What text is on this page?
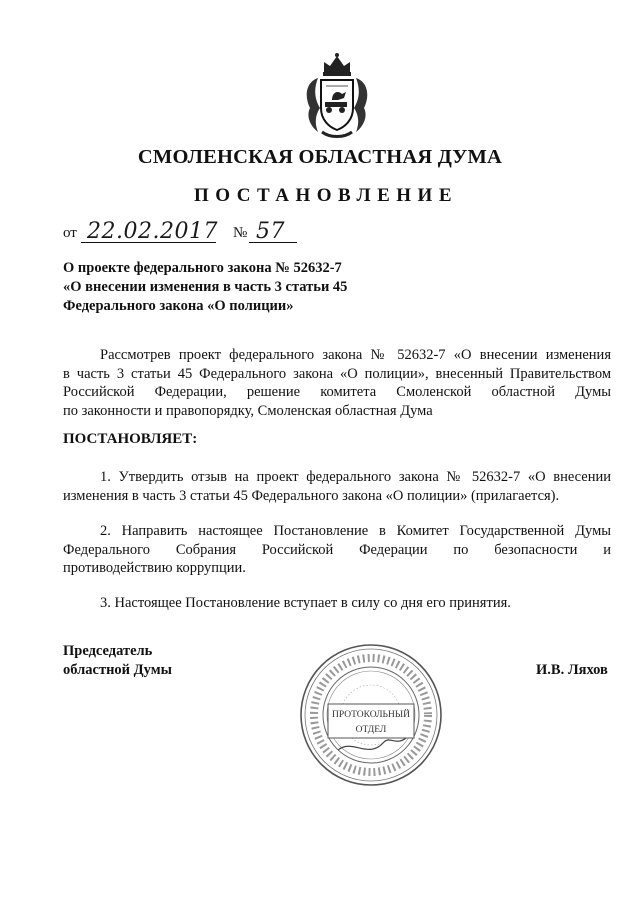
СМОЛЕНСКАЯ ОБЛАСТНАЯ ДУМА
ПОСТАНОВЛЕНИЕ
от 22.02.2017 № 57
О проекте федерального закона № 52632-7
«О внесении изменения в часть 3 статьи 45
Федерального закона «О полиции»
Рассмотрев проект федерального закона № 52632-7 «О внесении изменения
в часть 3 статьи 45 Федерального закона «О полиции», внесенный Правительством
Российской Федерации, решение комитета Смоленской областной Думы
по законности и правопорядку, Смоленская областная Дума
ПОСТАНОВЛЯЕТ:
1. Утвердить отзыв на проект федерального закона № 52632-7 «О внесении
изменения в часть 3 статьи 45 Федерального закона «О полиции» (прилагается).
2. Направить настоящее Постановление в Комитет Государственной Думы
Федерального Собрания Российской Федерации по безопасности и
противодействию коррупции.
3. Настоящее Постановление вступает в силу со дня его принятия.
Председатель
областной Думы	И.В. Ляхов
ПРОТОКОЛЬНЫЙ
ОТДЕЛ
